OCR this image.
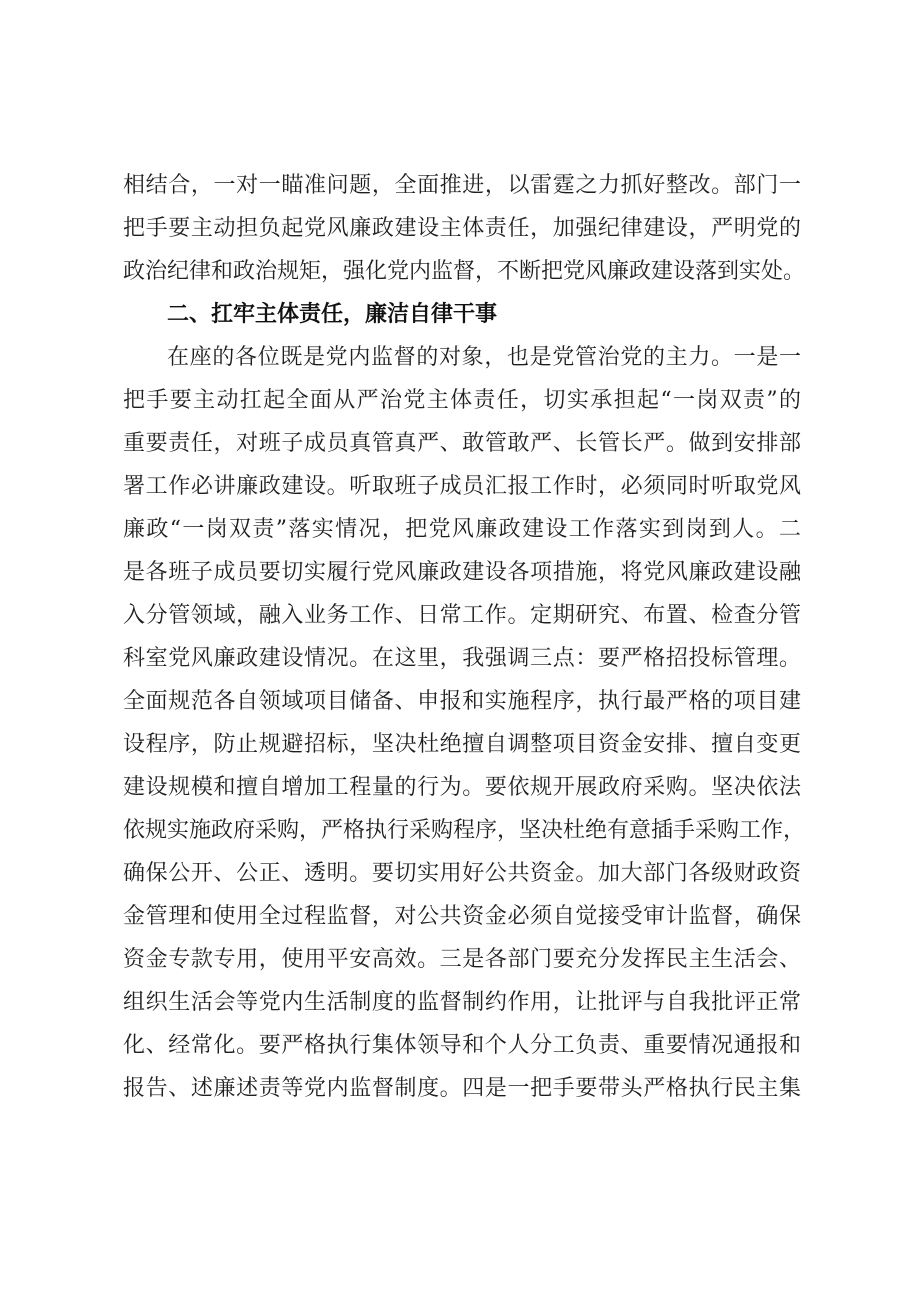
相结合，一对一瞄准问题，全面推进，以雷霆之力抓好整改。部门一
把手要主动担负起党风廉政建设主体责任，加强纪律建设，严明党的
政治纪律和政治规矩，强化党内监督，不断把党风廉政建设落到实处。
二、扛牢主体责任，廉洁自律干事
在座的各位既是党内监督的对象，也是党管治党的主力。一是一
把手要主动扛起全面从严治党主体责任，切实承担起“一岗双责”的
重要责任，对班子成员真管真严、敢管敢严、长管长严。做到安排部
署工作必讲廉政建设。听取班子成员汇报工作时，必须同时听取党风
廉政“一岗双责”落实情况，把党风廉政建设工作落实到岗到人。二
是各班子成员要切实履行党风廉政建设各项措施，将党风廉政建设融
入分管领域，融入业务工作、日常工作。定期研究、布置、检查分管
科室党风廉政建设情况。在这里，我强调三点：要严格招投标管理。
全面规范各自领域项目储备、申报和实施程序，执行最严格的项目建
设程序，防止规避招标，坚决杜绝擅自调整项目资金安排、擅自变更
建设规模和擅自增加工程量的行为。要依规开展政府采购。坚决依法
依规实施政府采购，严格执行采购程序，坚决杜绝有意插手采购工作，
确保公开、公正、透明。要切实用好公共资金。加大部门各级财政资
金管理和使用全过程监督，对公共资金必须自觉接受审计监督，确保
资金专款专用，使用平安高效。三是各部门要充分发挥民主生活会、
组织生活会等党内生活制度的监督制约作用，让批评与自我批评正常
化、经常化。要严格执行集体领导和个人分工负责、重要情况通报和
报告、述廉述责等党内监督制度。四是一把手要带头严格执行民主集
